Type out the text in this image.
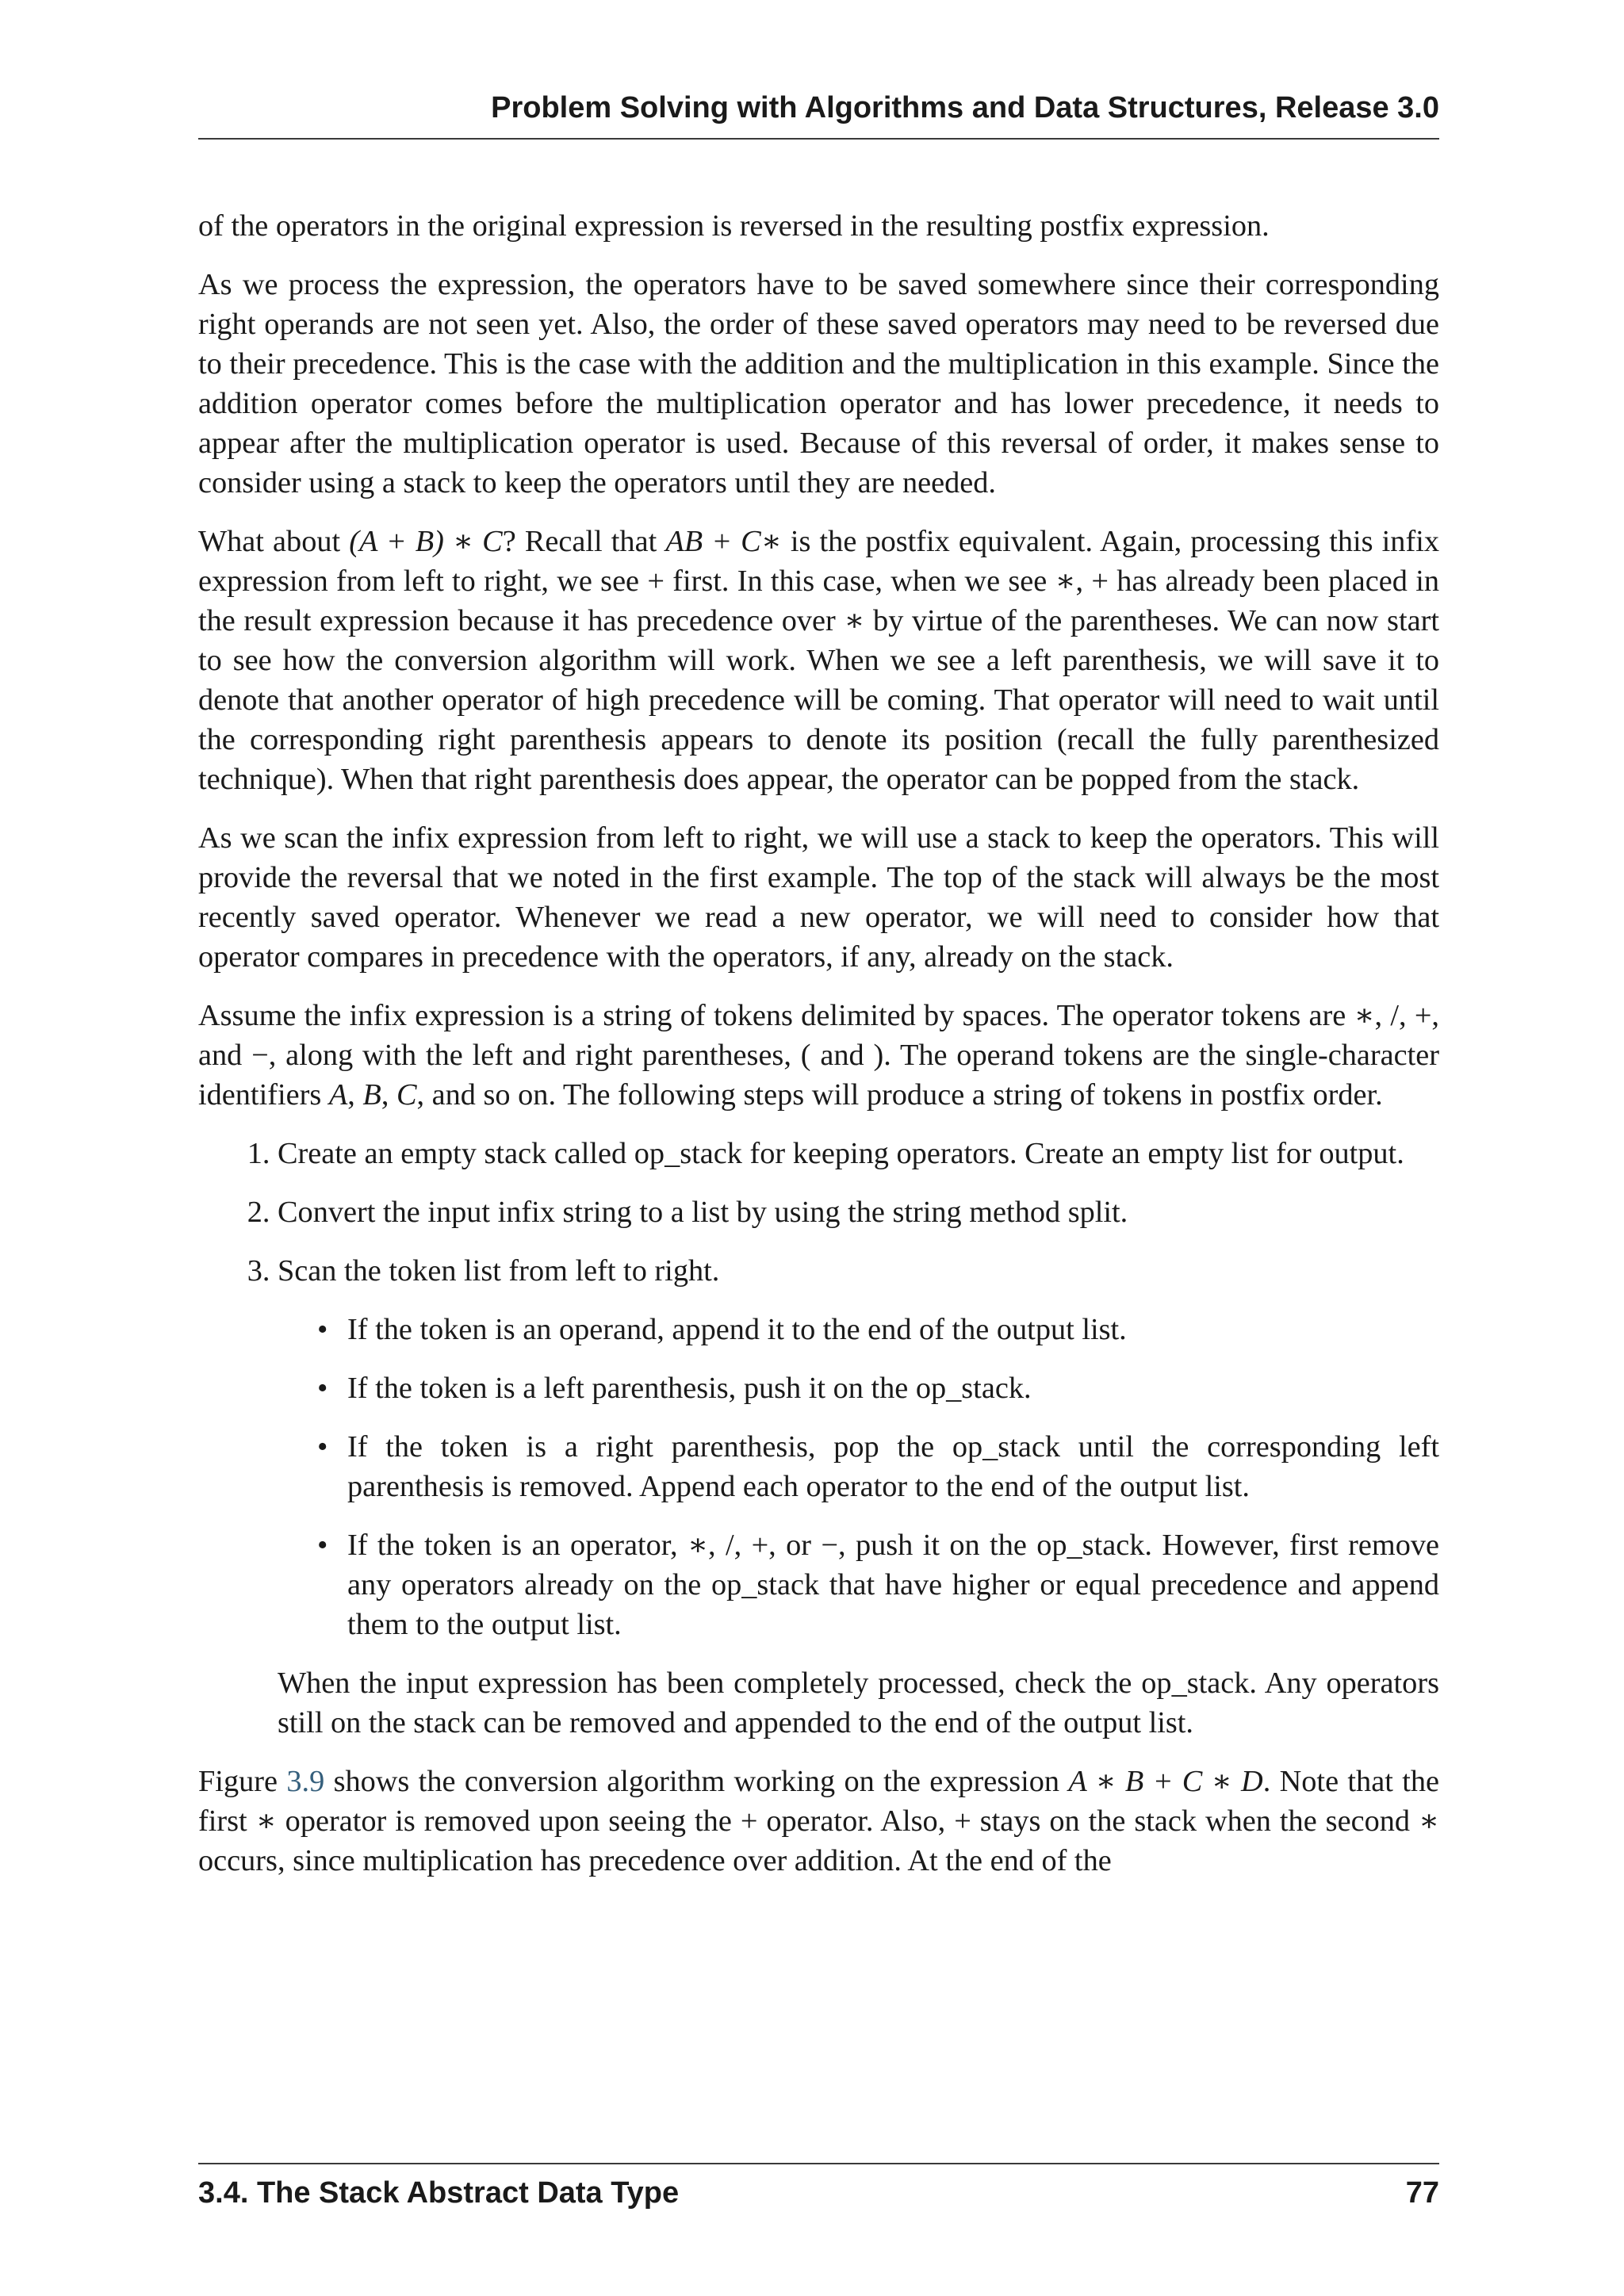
Problem Solving with Algorithms and Data Structures, Release 3.0

of the operators in the original expression is reversed in the resulting postfix expression.

As we process the expression, the operators have to be saved somewhere since their corresponding right operands are not seen yet. Also, the order of these saved operators may need to be reversed due to their precedence. This is the case with the addition and the multiplication in this example. Since the addition operator comes before the multiplication operator and has lower precedence, it needs to appear after the multiplication operator is used. Because of this reversal of order, it makes sense to consider using a stack to keep the operators until they are needed.

What about (A + B) ∗ C? Recall that AB + C∗ is the postfix equivalent. Again, processing this infix expression from left to right, we see + first. In this case, when we see ∗, + has already been placed in the result expression because it has precedence over ∗ by virtue of the parentheses. We can now start to see how the conversion algorithm will work. When we see a left parenthesis, we will save it to denote that another operator of high precedence will be coming. That operator will need to wait until the corresponding right parenthesis appears to denote its position (recall the fully parenthesized technique). When that right parenthesis does appear, the operator can be popped from the stack.

As we scan the infix expression from left to right, we will use a stack to keep the operators. This will provide the reversal that we noted in the first example. The top of the stack will always be the most recently saved operator. Whenever we read a new operator, we will need to consider how that operator compares in precedence with the operators, if any, already on the stack.

Assume the infix expression is a string of tokens delimited by spaces. The operator tokens are ∗, /, +, and −, along with the left and right parentheses, ( and ). The operand tokens are the single-character identifiers A, B, C, and so on. The following steps will produce a string of tokens in postfix order.

1. Create an empty stack called op_stack for keeping operators. Create an empty list for output.
2. Convert the input infix string to a list by using the string method split.
3. Scan the token list from left to right.
• If the token is an operand, append it to the end of the output list.
• If the token is a left parenthesis, push it on the op_stack.
• If the token is a right parenthesis, pop the op_stack until the corresponding left parenthesis is removed. Append each operator to the end of the output list.
• If the token is an operator, ∗, /, +, or −, push it on the op_stack. However, first remove any operators already on the op_stack that have higher or equal precedence and append them to the output list.

When the input expression has been completely processed, check the op_stack. Any operators still on the stack can be removed and appended to the end of the output list.

Figure 3.9 shows the conversion algorithm working on the expression A ∗ B + C ∗ D. Note that the first ∗ operator is removed upon seeing the + operator. Also, + stays on the stack when the second ∗ occurs, since multiplication has precedence over addition. At the end of the

3.4. The Stack Abstract Data Type	77
